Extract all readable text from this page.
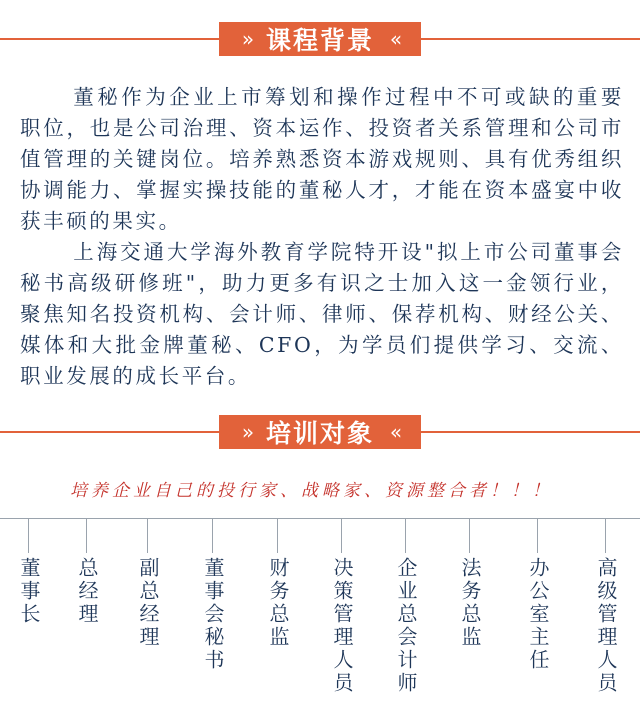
» 课程背景 «

董秘作为企业上市筹划和操作过程中不可或缺的重要职位，也是公司治理、资本运作、投资者关系管理和公司市值管理的关键岗位。培养熟悉资本游戏规则、具有优秀组织协调能力、掌握实操技能的董秘人才，才能在资本盛宴中收获丰硕的果实。

上海交通大学海外教育学院特开设"拟上市公司董事会秘书高级研修班"，助力更多有识之士加入这一金领行业，聚焦知名投资机构、会计师、律师、保荐机构、财经公关、媒体和大批金牌董秘、CFO，为学员们提供学习、交流、职业发展的成长平台。

» 培训对象 «
培养企业自己的投行家、战略家、资源整合者！！！
董事长 总经理 副总经理 董事会秘书 财务总监 决策管理人员 企业总会计师 法务总监 办公室主任 高级管理人员
